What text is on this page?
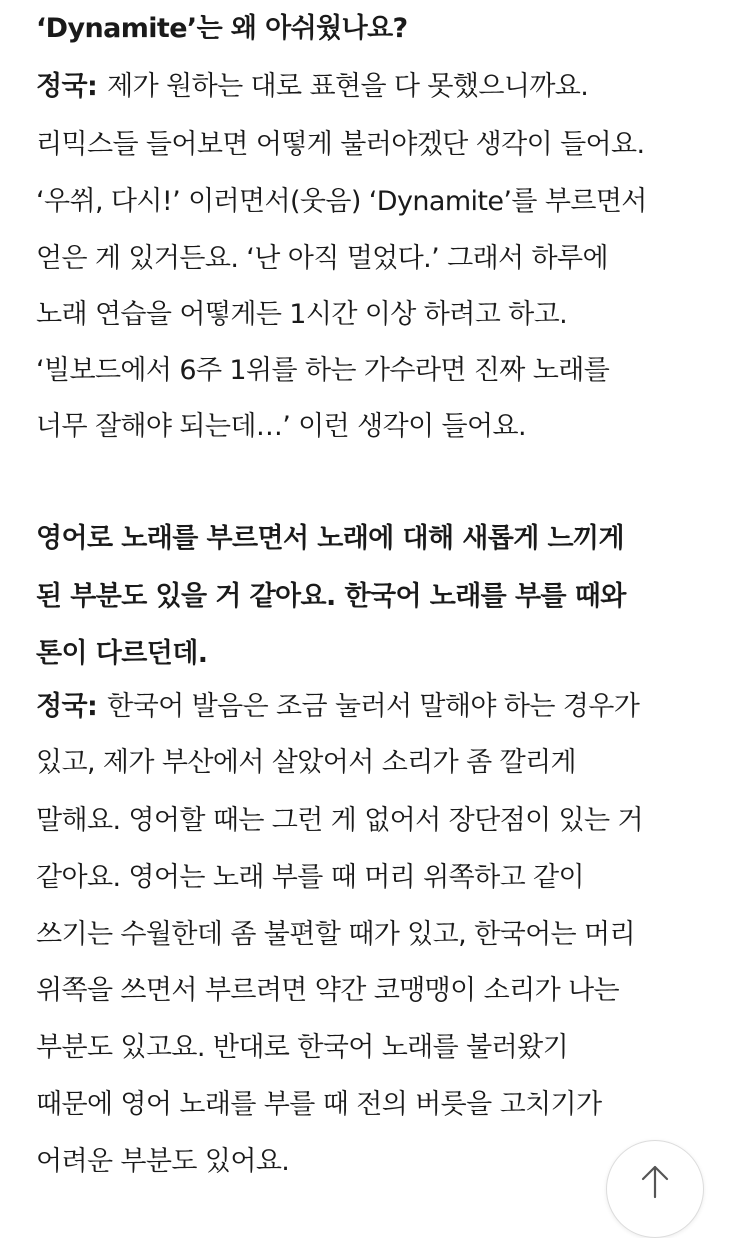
‘Dynamite’는 왜 아쉬웠나요?
정국: 제가 원하는 대로 표현을 다 못했으니까요.
리믹스들 들어보면 어떻게 불러야겠단 생각이 들어요.
‘우쒸, 다시!’ 이러면서(웃음) ‘Dynamite’를 부르면서
얻은 게 있거든요. ‘난 아직 멀었다.’ 그래서 하루에
노래 연습을 어떻게든 1시간 이상 하려고 하고.
‘빌보드에서 6주 1위를 하는 가수라면 진짜 노래를
너무 잘해야 되는데…’ 이런 생각이 들어요.
영어로 노래를 부르면서 노래에 대해 새롭게 느끼게
된 부분도 있을 거 같아요. 한국어 노래를 부를 때와
톤이 다르던데.
정국: 한국어 발음은 조금 눌러서 말해야 하는 경우가
있고, 제가 부산에서 살았어서 소리가 좀 깔리게
말해요. 영어할 때는 그런 게 없어서 장단점이 있는 거
같아요. 영어는 노래 부를 때 머리 위쪽하고 같이
쓰기는 수월한데 좀 불편할 때가 있고, 한국어는 머리
위쪽을 쓰면서 부르려면 약간 코맹맹이 소리가 나는
부분도 있고요. 반대로 한국어 노래를 불러왔기
때문에 영어 노래를 부를 때 전의 버릇을 고치기가
어려운 부분도 있어요.
